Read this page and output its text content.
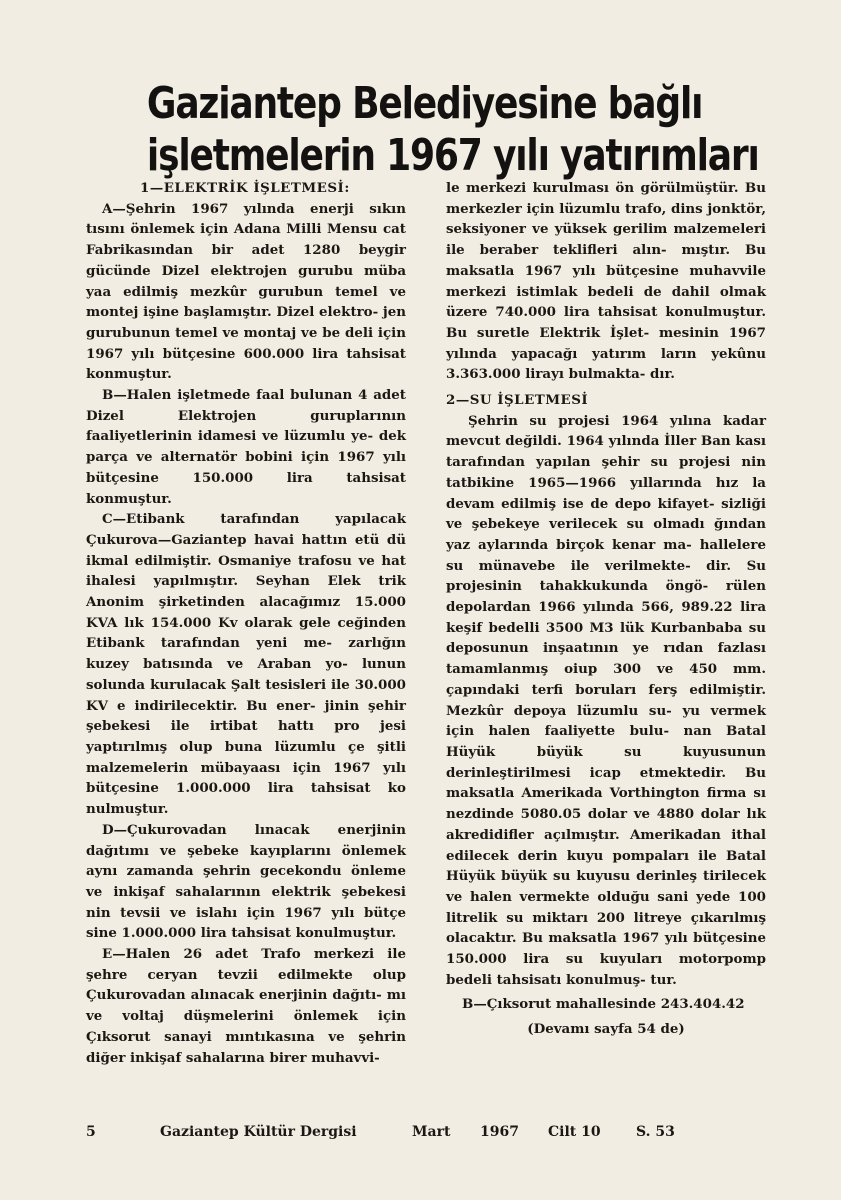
Gaziantep Belediyesine bağlı
işletmelerin 1967 yılı yatırımları
1—ELEKTRİK İŞLETMESİ:

A—Şehrin 1967 yılında enerji sıkın tısını önlemek için Adana Milli Mensu cat Fabrikasından bir adet 1280 beygir gücünde Dizel elektrojen gurubu müba yaa edilmiş mezkûr gurubun temel ve montej işine başlamıştır. Dizel elektro- jen gurubunun temel ve montaj ve be deli için 1967 yılı bütçesine 600.000 lira tahsisat konmuştur.

B—Halen işletmede faal bulunan 4 adet Dizel Elektrojen guruplarının faaliyetlerinin idamesi ve lüzumlu ye- dek parça ve alternatör bobini için 1967 yılı bütçesine 150.000 lira tahsisat konmuştur.

C—Etibank tarafından yapılacak Çukurova—Gaziantep havai hattın etü dü ikmal edilmiştir. Osmaniye trafosu ve hat ihalesi yapılmıştır. Seyhan Elek trik Anonim şirketinden alacağımız 15.000 KVA lık 154.000 Kv olarak gele ceğinden Etibank tarafından yeni me- zarlığın kuzey batısında ve Araban yo- lunun solunda kurulacak Şalt tesisleri ile 30.000 KV e indirilecektir. Bu ener- jinin şehir şebekesi ile irtibat hattı pro jesi yaptırılmış olup buna lüzumlu çe şitli malzemelerin mübayaası için 1967 yılı bütçesine 1.000.000 lira tahsisat ko nulmuştur.

D—Çukurovadan lınacak enerjinin dağıtımı ve şebeke kayıplarını önlemek aynı zamanda şehrin gecekondu önleme ve inkişaf sahalarının elektrik şebekesi nin tevsii ve islahı için 1967 yılı bütçe sine 1.000.000 lira tahsisat konulmuştur.

E—Halen 26 adet Trafo merkezi ile şehre ceryan tevzii edilmekte olup Çukurovadan alınacak enerjinin dağıtı- mı ve voltaj düşmelerini önlemek için Çıksorut sanayi mıntıkasına ve şehrin diğer inkişaf sahalarına birer muhavvi-

le merkezi kurulması ön görülmüştür. Bu merkezler için lüzumlu trafo, dins jonktör, seksiyoner ve yüksek gerilim malzemeleri ile beraber teklifleri alın- mıştır. Bu maksatla 1967 yılı bütçesine muhavvile merkezi istimlak bedeli de dahil olmak üzere 740.000 lira tahsisat konulmuştur. Bu suretle Elektrik İşlet- mesinin 1967 yılında yapacağı yatırım ların yekûnu 3.363.000 lirayı bulmakta- dır.

2—SU İŞLETMESİ

Şehrin su projesi 1964 yılına kadar mevcut değildi. 1964 yılında İller Ban kası tarafından yapılan şehir su projesi nin tatbikine 1965—1966 yıllarında hız la devam edilmiş ise de depo kifayet- sizliği ve şebekeye verilecek su olmadı ğından yaz aylarında birçok kenar ma- hallelere su münavebe ile verilmekte- dir. Su projesinin tahakkukunda öngö- rülen depolardan 1966 yılında 566, 989.22 lira keşif bedelli 3500 M3 lük Kurbanbaba su deposunun inşaatının ye rıdan fazlası tamamlanmış oiup 300 ve 450 mm. çapındaki terfi boruları ferş edilmiştir. Mezkûr depoya lüzumlu su- yu vermek için halen faaliyette bulu- nan Batal Hüyük büyük su kuyusunun derinleştirilmesi icap etmektedir. Bu maksatla Amerikada Vorthington firma sı nezdinde 5080.05 dolar ve 4880 dolar lık akredidifler açılmıştır. Amerikadan ithal edilecek derin kuyu pompaları ile Batal Hüyük büyük su kuyusu derinleş tirilecek ve halen vermekte olduğu sani yede 100 litrelik su miktarı 200 litreye çıkarılmış olacaktır. Bu maksatla 1967 yılı bütçesine 150.000 lira su kuyuları motorpomp bedeli tahsisatı konulmuş- tur.

B—Çıksorut mahallesinde 243.404.42

(Devamı sayfa 54 de)

5	Gaziantep Kültür Dergisi	Mart 1967 Cilt 10	S. 53
